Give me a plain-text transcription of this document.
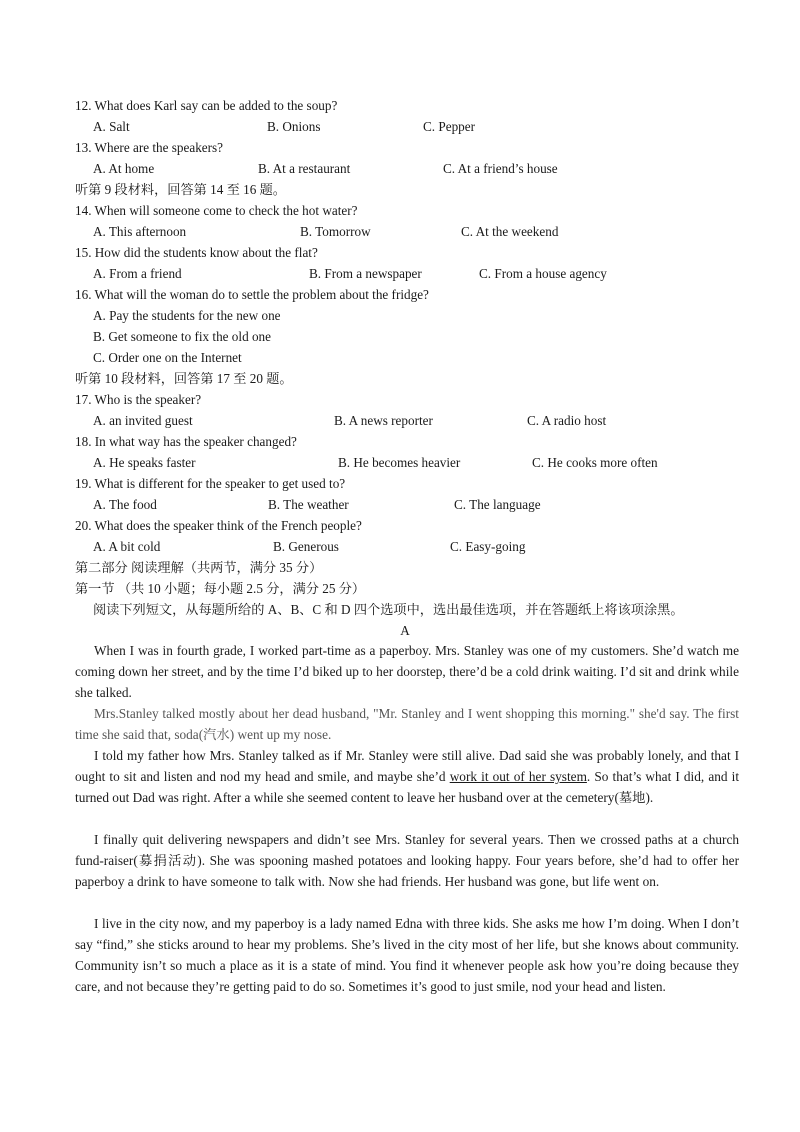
12. What does Karl say can be added to the soup?
A. Salt	B. Onions	C. Pepper
13. Where are the speakers?
A. At home	B. At a restaurant	C. At a friend’s house
听第 9 段材料，回答第 14 至 16 题。
14. When will someone come to check the hot water?
A. This afternoon	B. Tomorrow	C. At the weekend
15. How did the students know about the flat?
A. From a friend	B. From a newspaper	C. From a house agency
16. What will the woman do to settle the problem about the fridge?
A. Pay the students for the new one
B. Get someone to fix the old one
C. Order one on the Internet
听第 10 段材料，回答第 17 至 20 题。
17. Who is the speaker?
A. an invited guest	B. A news reporter	C. A radio host
18. In what way has the speaker changed?
A. He speaks faster	B. He becomes heavier	C. He cooks more often
19. What is different for the speaker to get used to?
A. The food	B. The weather	C. The language
20. What does the speaker think of the French people?
A. A bit cold	B. Generous	C. Easy-going
第二部分 阅读理解（共两节，满分 35 分）
第一节 （共 10 小题；每小题 2.5 分，满分 25 分）
阅读下列短文，从每题所给的 A、B、C 和 D 四个选项中，选出最佳选项，并在答题纸上将该项涂黑。
A

When I was in fourth grade, I worked part-time as a paperboy. Mrs. Stanley was one of my customers. She’d watch me coming down her street, and by the time I’d biked up to her doorstep, there’d be a cold drink waiting. I’d sit and drink while she talked.

Mrs.Stanley talked mostly about her dead husband, "Mr. Stanley and I went shopping this morning." she'd say. The first time she said that, soda(汽水) went up my nose.

I told my father how Mrs. Stanley talked as if Mr. Stanley were still alive. Dad said she was probably lonely, and that I ought to sit and listen and nod my head and smile, and maybe she’d work it out of her system. So that’s what I did, and it turned out Dad was right. After a while she seemed content to leave her husband over at the cemetery(墓地).

I finally quit delivering newspapers and didn’t see Mrs. Stanley for several years. Then we crossed paths at a church fund-raiser(募捐活动). She was spooning mashed potatoes and looking happy. Four years before, she’d had to offer her paperboy a drink to have someone to talk with. Now she had friends. Her husband was gone, but life went on.

I live in the city now, and my paperboy is a lady named Edna with three kids. She asks me how I’m doing. When I don’t say “find,” she sticks around to hear my problems. She’s lived in the city most of her life, but she knows about community. Community isn’t so much a place as it is a state of mind. You find it whenever people ask how you’re doing because they care, and not because they’re getting paid to do so. Sometimes it’s good to just smile, nod your head and listen.
